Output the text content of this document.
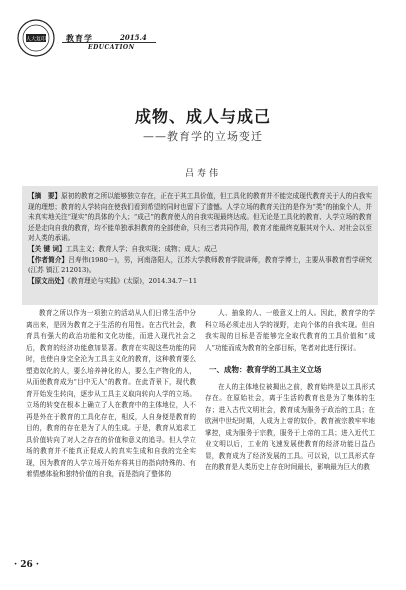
人大复印 教育学	2015.4
EDUCATION
成物、成人与成己
——教育学的立场变迁
吕寿伟

【摘　要】原初的教育之所以能够独立存在，正在于其工具价值，但工具化的教育并不能完成现代教育关于人的自我实现的理想；教育的人学转向在使我们看到希望的同时也留下了遗憾。人学立场的教育关注的是作为“类”的抽象个人，并未真实地关注“现实”的具体的个人；“成己”的教育使人的自我实现最终达成。但无论是工具化的教育、人学立场的教育还是走向自我的教育，均不能单独承担教育的全部使命，只有三者共同作用，教育才能最终克服其对个人、对社会以至对人类的承诺。

【关 键 词】工具主义；教育人学；自我实现；成物；成人；成己

【作者简介】吕寿伟(1980－)，男，河南洛阳人，江苏大学教师教育学院讲师，教育学博士，主要从事教育哲学研究(江苏 镇江 212013)。

【原文出处】《教育理论与实践》(太原)，2014.34.7－11

教育之所以作为一项独立的活动从人们日常生活中分离出来，是因为教育之于生活的有用性。在古代社会，教育具有强大的政治功能和文化功能，而进入现代社会之后，教育的经济功能愈加显著。教育在实现这些功能的同时，也使自身完全沦为工具主义化的教育，这种教育要么塑造奴化的人，要么培养神化的人，要么生产物化的人，从而使教育成为“目中无人”的教育。在此背景下，现代教育开始发生转向，逐步从工具主义取向转向人学的立场。立场的转变在根本上确立了人在教育中的主体地位，人不再是外在于教育的工具化存在，相反，人自身便是教育的目的，教育的存在是为了人的生成。于是，教育从追求工具价值转向了对人之存在的价值和意义的追寻。但人学立场的教育并不能真正促成人的真实生成和自我的完全实现，因为教育的人学立场开始弃将其目的指向特殊的、有着情感体验和独特价值的自我，而是指向了整体的

人、抽象的人、一般意义上的人。因此，教育学的学科立场必须走出人学的视野，走向个体的自我实现。但自我实现的目标是否能够完全取代教育的工具价值和“成人”功能而成为教育的全部目标，笔者对此进行探讨。

一、成物：教育学的工具主义立场

在人的主体地位被揭出之前，教育始终是以工具形式存在。在原始社会，离于生活的教育也是为了集体的生存；进入古代文明社会，教育成为服务于政治的工具；在欧洲中世纪时期，人成为上帝的奴仆，教育被宗教牢牢地掌控，成为服务于宗教，服务于上帝的工具；进入近代工业文明以后，工业的飞速发展使教育的经济功能日益凸显，教育成为了经济发展的工具。可以说，以工具形式存在的教育是人类历史上存在时间最长，影响最为巨大的教

· 26 ·
